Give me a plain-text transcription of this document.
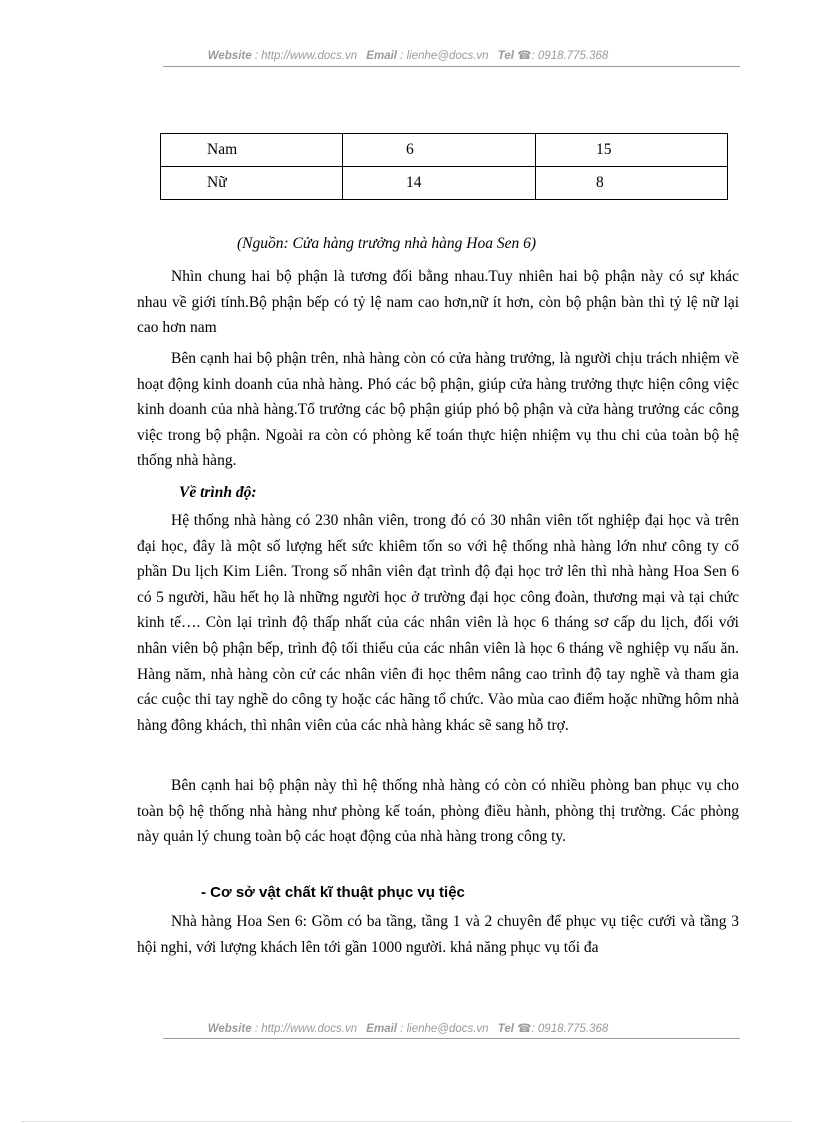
Website : http://www.docs.vn Email : lienhe@docs.vn Tel ☎: 0918.775.368
Nam	6	15
Nữ	14	8
(Nguồn: Cửa hàng trưởng nhà hàng Hoa Sen 6)

Nhìn chung hai bộ phận là tương đối bằng nhau.Tuy nhiên hai bộ phận này có sự khác nhau về giới tính.Bộ phận bếp có tỷ lệ nam cao hơn,nữ ít hơn, còn bộ phận bàn thì tỷ lệ nữ lại cao hơn nam

Bên cạnh hai bộ phận trên, nhà hàng còn có cửa hàng trưởng, là người chịu trách nhiệm về hoạt động kinh doanh của nhà hàng. Phó các bộ phận, giúp cửa hàng trưởng thực hiện công việc kinh doanh của nhà hàng.Tổ trưởng các bộ phận giúp phó bộ phận và cửa hàng trưởng các công việc trong bộ phận. Ngoài ra còn có phòng kế toán thực hiện nhiệm vụ thu chi của toàn bộ hệ thống nhà hàng.

Về trình độ:

Hệ thống nhà hàng có 230 nhân viên, trong đó có 30 nhân viên tốt nghiệp đại học và trên đại học, đây là một số lượng hết sức khiêm tốn so với hệ thống nhà hàng lớn như công ty cổ phần Du lịch Kim Liên. Trong số nhân viên đạt trình độ đại học trở lên thì nhà hàng Hoa Sen 6 có 5 người, hầu hết họ là những người học ở trường đại học công đoàn, thương mại và tại chức kinh tế…. Còn lại trình độ thấp nhất của các nhân viên là học 6 tháng sơ cấp du lịch, đối với nhân viên bộ phận bếp, trình độ tối thiểu của các nhân viên là học 6 tháng về nghiệp vụ nấu ăn. Hàng năm, nhà hàng còn cử các nhân viên đi học thêm nâng cao trình độ tay nghề và tham gia các cuộc thi tay nghề do công ty hoặc các hãng tổ chức. Vào mùa cao điểm hoặc những hôm nhà hàng đông khách, thì nhân viên của các nhà hàng khác sẽ sang hỗ trợ.

Bên cạnh hai bộ phận này thì hệ thống nhà hàng có còn có nhiều phòng ban phục vụ cho toàn bộ hệ thống nhà hàng như phòng kế toán, phòng điều hành, phòng thị trường. Các phòng này quản lý chung toàn bộ các hoạt động của nhà hàng trong công ty.

- Cơ sở vật chất kĩ thuật phục vụ tiệc

Nhà hàng Hoa Sen 6: Gồm có ba tầng, tầng 1 và 2 chuyên để phục vụ tiệc cưới và tầng 3 hội nghi, với lượng khách lên tới gần 1000 người. khả năng phục vụ tối đa

Website : http://www.docs.vn Email : lienhe@docs.vn Tel ☎: 0918.775.368
